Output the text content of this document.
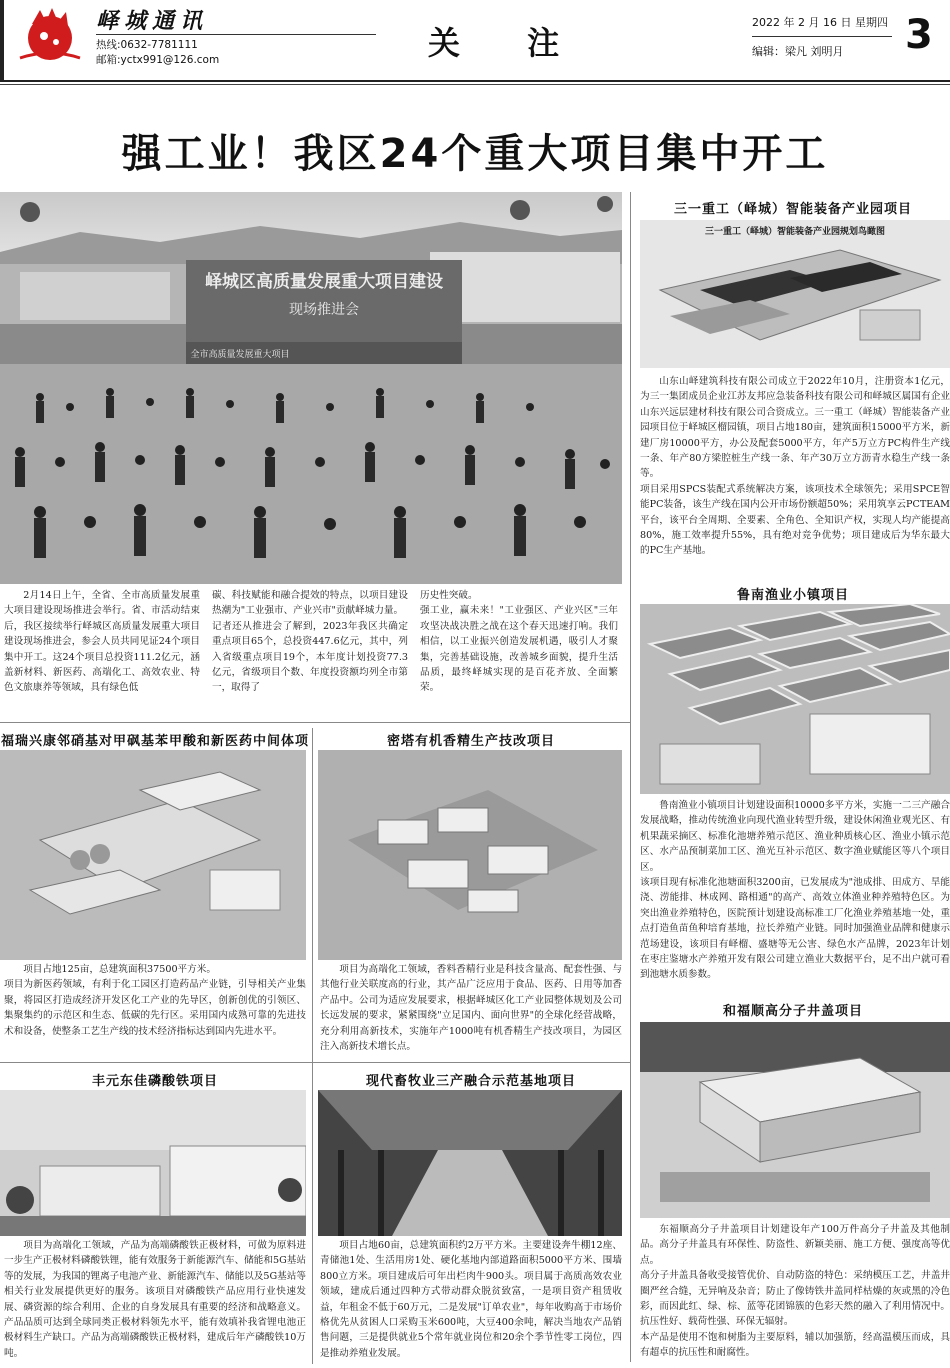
峄城通讯
热线:0632-7781111
邮箱:yctx991@126.com	关 注
2022 年 2 月 16 日 星期四
编辑：梁凡 刘明月 3
强工业！我区24个重大项目集中开工
峄城区高质量发展重大项目建设
现场推进会
全市高质量发展重大项目

2月14日上午，全省、全市高质量发展重大项目建设现场推进会举行。省、市活动结束后，我区接续举行峄城区高质量发展重大项目建设现场推进会，参会人员共同见证24个项目集中开工。这24个项目总投资111.2亿元，涵盖新材料、新医药、高端化工、高效农业、特色文旅康养等领域，具有绿色低

碳、科技赋能和融合提效的特点，以项目建设热潮为"工业强市、产业兴市"贡献峄城力量。
记者还从推进会了解到，2023年我区共确定重点项目65个，总投资447.6亿元，其中，列入省级重点项目19个，本年度计划投资77.3亿元，省级项目个数、年度投资额均列全市第一，取得了

历史性突破。
强工业，赢未来！"工业强区、产业兴区"三年攻坚决战决胜之战在这个春天迅速打响。我们相信，以工业振兴创造发展机遇，吸引人才聚集，完善基础设施，改善城乡面貌，提升生活品质，最终峄城实现的是百花齐放、全面繁荣。

三一重工（峄城）智能装备产业园项目
三一重工（峄城）智能装备产业园规划鸟瞰图

山东山峄建筑科技有限公司成立于2022年10月，注册资本1亿元，为三一集团成员企业江苏友邦应急装备科技有限公司和峄城区属国有企业山东兴远层建材科技有限公司合资成立。三一重工（峄城）智能装备产业园项目位于峄城区榴园镇，项目占地180亩，建筑面积15000平方米，新建厂房10000平方，办公及配套5000平方，年产5万立方PC构件生产线一条、年产80方梁腔桩生产线一条、年产30万立方沥青水稳生产线一条等。
项目采用SPCS装配式系统解决方案，该项技术全球领先；采用SPCE智能PC装备，该生产线在国内公开市场份额超50%；采用筑享云PCTEAM平台，该平台全周期、全要素、全角色、全知识产权，实现人均产能提高80%，施工效率提升55%，具有绝对竞争优势；项目建成后为华东最大的PC生产基地。

鲁南渔业小镇项目

鲁南渔业小镇项目计划建设面积10000多平方米，实施一二三产融合发展战略，推动传统渔业向现代渔业转型升级，建设休闲渔业观光区、有机果蔬采摘区、标准化池塘养殖示范区、渔业种质核心区、渔业小镇示范区、水产品预制菜加工区、渔光互补示范区、数字渔业赋能区等八个项目区。
该项目现有标准化池塘面积3200亩，已发展成为"池成排、田成方、旱能浇、涝能排、林成网、路相通"的高产、高效立体渔业种养殖特色区。为突出渔业养殖特色，医院预计划建设高标准工厂化渔业养殖基地一处，重点打造鱼苗鱼种培育基地，拉长养殖产业链。同时加强渔业品牌和健康示范场建设，该项目有峄榴、盛塘等无公害、绿色水产品牌，2023年计划在枣庄鉴塘水产养殖开发有限公司建立渔业大数据平台，足不出户就可看到池塘水质参数。

和福顺高分子井盖项目

东福顺高分子井盖项目计划建设年产100万件高分子井盖及其他制品。高分子井盖具有环保性、防盗性、新颖美丽、施工方便、强度高等优点。
高分子井盖具备收受接管优价、自动防盗的特色：采纳模压工艺，井盖井圈严丝合缝，无异响及杂音；防止了像铸铁井盖同样枯燥的灰或黑的冷色彩，而因此红、绿、棕、蓝等花团锦簇的色彩天然的融入了利用情况中。抗压性好、载荷性强、环保无辐射。
本产品是使用不饱和树脂为主要原料，辅以加强筋，经高温模压而成，具有超卓的抗压性和耐腐性。

福瑞兴康邻硝基对甲砜基苯甲酸和新医药中间体项

项目占地125亩，总建筑面积37500平方米。
项目为新医药领域，有利于化工园区打造药品产业链，引导相关产业集聚，将园区打造成经济开发区化工产业的先导区，创新创优的引领区、集聚集约的示范区和生态、低碳的先行区。采用国内成熟可靠的先进技术和设备，使整条工艺生产线的技术经济指标达到国内先进水平。

密塔有机香精生产技改项目

项目为高端化工领域，香料香精行业是科技含量高、配套性强、与其他行业关联度高的行业，其产品广泛应用于食品、医药、日用等加香产品中。公司为适应发展要求，根据峄城区化工产业园整体规划及公司长远发展的要求，紧紧围绕"立足国内、面向世界"的全球化经营战略，充分利用高新技术，实施年产1000吨有机香精生产技改项目，为园区注入高新技术增长点。

丰元东佳磷酸铁项目

项目为高端化工领域，产品为高端磷酸铁正极材料，可做为原料进一步生产正极材料磷酸铁锂，能有效服务于新能源汽车、储能和5G基站等的发展，为我国的锂离子电池产业、新能源汽车、储能以及5G基站等相关行业发展提供更好的服务。该项目对磷酸铁产品应用行业快速发展、磷资源的综合利用、企业的自身发展具有重要的经济和战略意义。产品品质可达到全球同类正极材料领先水平，能有效填补我省锂电池正极材料生产缺口。产品为高端磷酸铁正极材料，建成后年产磷酸铁10万吨。

现代畜牧业三产融合示范基地项目

项目占地60亩，总建筑面积约2万平方米。主要建设奔牛棚12座、青储池1处、生活用房1处、硬化基地内部道路面积5000平方米、围墙800立方米。项目建成后可年出栏肉牛900头。项目属于高质高效农业领域，建成后通过四种方式带动群众脱贫致富，一是项目资产租赁收益，年租金不低于60万元，二是发展"订单农业"，每年收购高于市场价格优先从贫困人口采购玉米600吨，大豆400余吨，解决当地农产品销售问题，三是提供就业5个常年就业岗位和20余个季节性零工岗位，四是推动养殖业发展。
